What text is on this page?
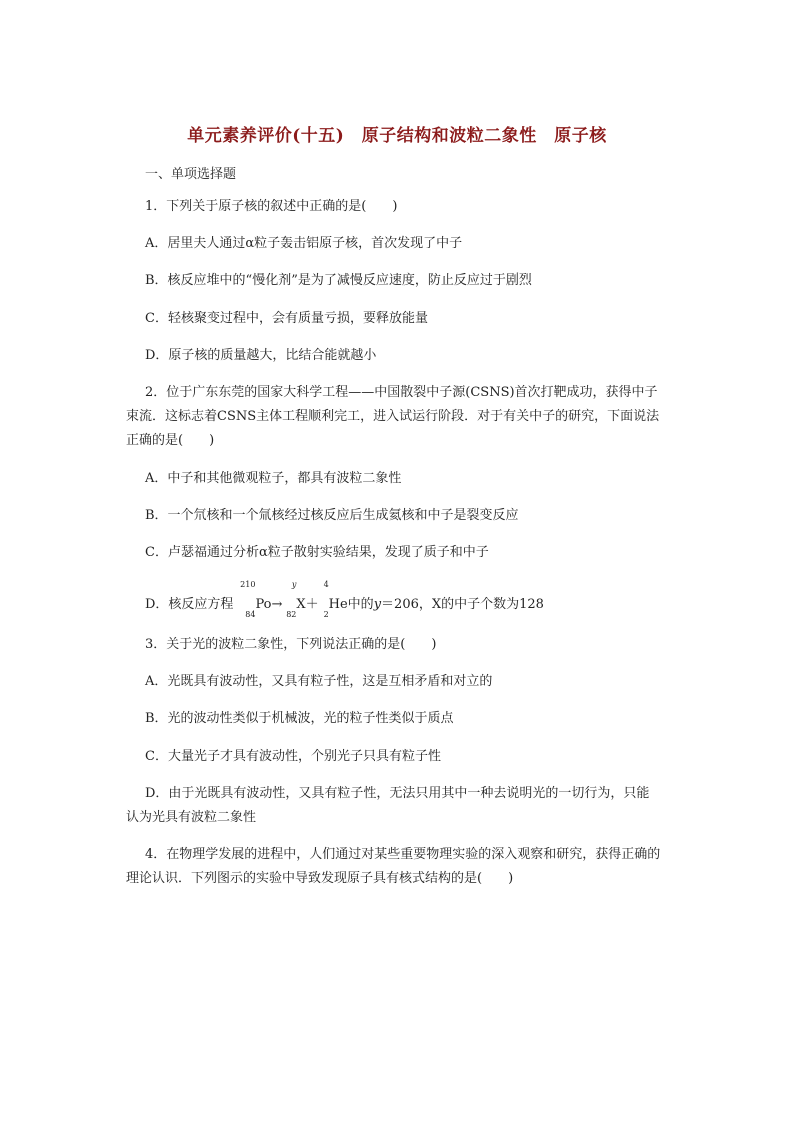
单元素养评价(十五)　原子结构和波粒二象性　原子核
一、单项选择题
1．下列关于原子核的叙述中正确的是(　　)
A．居里夫人通过α粒子轰击铝原子核，首次发现了中子
B．核反应堆中的“慢化剂”是为了减慢反应速度，防止反应过于剧烈
C．轻核聚变过程中，会有质量亏损，要释放能量
D．原子核的质量越大，比结合能就越小
2．位于广东东莞的国家大科学工程——中国散裂中子源(CSNS)首次打靶成功，获得中子束流．这标志着CSNS主体工程顺利完工，进入试运行阶段．对于有关中子的研究，下面说法正确的是(　　)
A．中子和其他微观粒子，都具有波粒二象性
B．一个氘核和一个氚核经过核反应后生成氦核和中子是裂变反应
C．卢瑟福通过分析α粒子散射实验结果，发现了质子和中子
D．核反应方程
210
84
Po→
y
82
X＋
4
2
He中的y＝206，X的中子个数为128
3．关于光的波粒二象性，下列说法正确的是(　　)
A．光既具有波动性，又具有粒子性，这是互相矛盾和对立的
B．光的波动性类似于机械波，光的粒子性类似于质点
C．大量光子才具有波动性，个别光子只具有粒子性
D．由于光既具有波动性，又具有粒子性，无法只用其中一种去说明光的一切行为，只能认为光具有波粒二象性
4．在物理学发展的进程中，人们通过对某些重要物理实验的深入观察和研究，获得正确的理论认识．下列图示的实验中导致发现原子具有核式结构的是(　　)
